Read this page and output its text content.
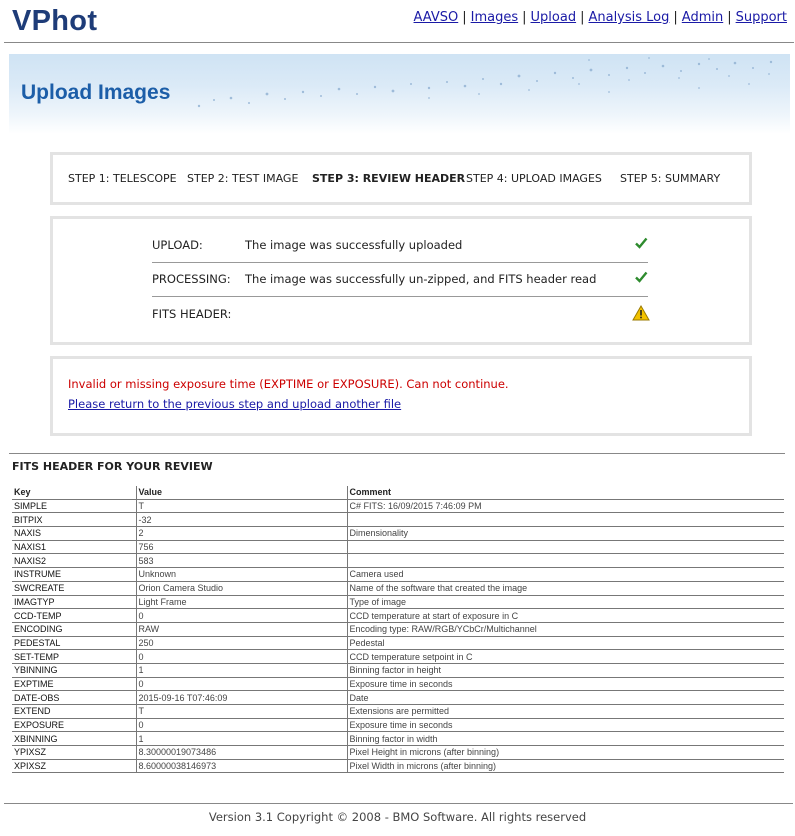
VPhot	AAVSO | Images | Upload | Analysis Log | Admin | Support
Upload Images
STEP 1: TELESCOPE STEP 2: TEST IMAGE STEP 3: REVIEW HEADER STEP 4: UPLOAD IMAGES STEP 5: SUMMARY
UPLOAD:	The image was successfully uploaded
PROCESSING: The image was successfully un-zipped, and FITS header read
FITS HEADER:
Invalid or missing exposure time (EXPTIME or EXPOSURE). Can not continue.
Please return to the previous step and upload another file
FITS HEADER FOR YOUR REVIEW
Key	Value	Comment
SIMPLE	T	C# FITS: 16/09/2015 7:46:09 PM
BITPIX	-32	
NAXIS	2	Dimensionality
NAXIS1	756	
NAXIS2	583	
INSTRUME	Unknown	Camera used
SWCREATE	Orion Camera Studio	Name of the software that created the image
IMAGTYP	Light Frame	Type of image
CCD-TEMP	0	CCD temperature at start of exposure in C
ENCODING	RAW	Encoding type: RAW/RGB/YCbCr/Multichannel
PEDESTAL	250	Pedestal
SET-TEMP	0	CCD temperature setpoint in C
YBINNING	1	Binning factor in height
EXPTIME	0	Exposure time in seconds
DATE-OBS	2015-09-16 T07:46:09	Date
EXTEND	T	Extensions are permitted
EXPOSURE	0	Exposure time in seconds
XBINNING	1	Binning factor in width
YPIXSZ	8.30000019073486	Pixel Height in microns (after binning)
XPIXSZ	8.60000038146973	Pixel Width in microns (after binning)
Version 3.1 Copyright © 2008 - BMO Software. All rights reserved
